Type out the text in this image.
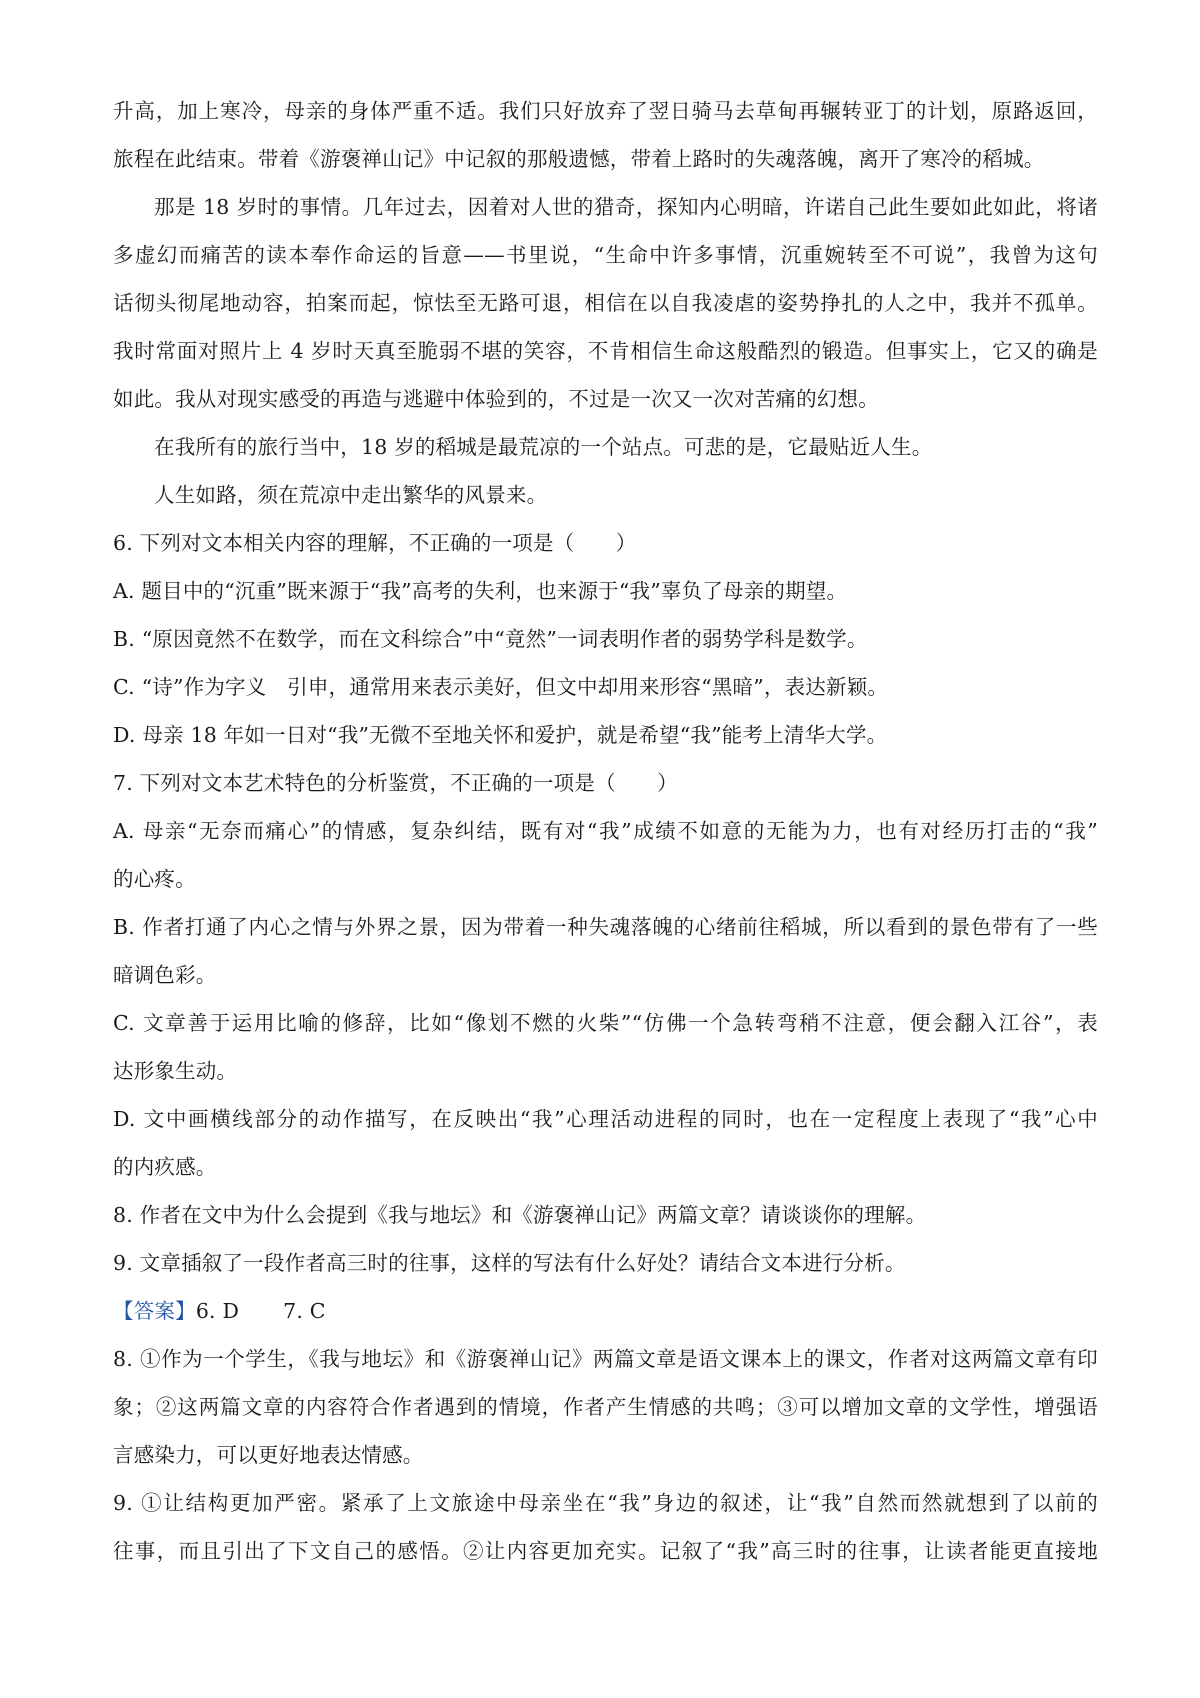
升高，加上寒冷，母亲的身体严重不适。我们只好放弃了翌日骑马去草甸再辗转亚丁的计划，原路返回，
旅程在此结束。带着《游褒禅山记》中记叙的那般遗憾，带着上路时的失魂落魄，离开了寒冷的稻城。
那是 18 岁时的事情。几年过去，因着对人世的猎奇，探知内心明暗，许诺自己此生要如此如此，将诸
多虚幻而痛苦的读本奉作命运的旨意——书里说，“生命中许多事情，沉重婉转至不可说”，我曾为这句
话彻头彻尾地动容，拍案而起，惊怯至无路可退，相信在以自我凌虐的姿势挣扎的人之中，我并不孤单。
我时常面对照片上 4 岁时天真至脆弱不堪的笑容，不肯相信生命这般酷烈的锻造。但事实上，它又的确是
如此。我从对现实感受的再造与逃避中体验到的，不过是一次又一次对苦痛的幻想。
在我所有的旅行当中，18 岁的稻城是最荒凉的一个站点。可悲的是，它最贴近人生。
人生如路，须在荒凉中走出繁华的风景来。
6. 下列对文本相关内容的理解，不正确的一项是（　　）
A. 题目中的“沉重”既来源于“我”高考的失利，也来源于“我”辜负了母亲的期望。
B. “原因竟然不在数学，而在文科综合”中“竟然”一词表明作者的弱势学科是数学。
C. “诗”作为字义　引申，通常用来表示美好，但文中却用来形容“黑暗”，表达新颖。
D. 母亲 18 年如一日对“我”无微不至地关怀和爱护，就是希望“我”能考上清华大学。
7. 下列对文本艺术特色的分析鉴赏，不正确的一项是（　　）
A. 母亲“无奈而痛心”的情感，复杂纠结，既有对“我”成绩不如意的无能为力，也有对经历打击的“我”
的心疼。
B. 作者打通了内心之情与外界之景，因为带着一种失魂落魄的心绪前往稻城，所以看到的景色带有了一些
暗调色彩。
C. 文章善于运用比喻的修辞，比如“像划不燃的火柴”“仿佛一个急转弯稍不注意，便会翻入江谷”，表
达形象生动。
D. 文中画横线部分的动作描写，在反映出“我”心理活动进程的同时，也在一定程度上表现了“我”心中
的内疚感。
8. 作者在文中为什么会提到《我与地坛》和《游褒禅山记》两篇文章？请谈谈你的理解。
9. 文章插叙了一段作者高三时的往事，这样的写法有什么好处？请结合文本进行分析。
【答案】6. D 7. C
8. ①作为一个学生，《我与地坛》和《游褒禅山记》两篇文章是语文课本上的课文，作者对这两篇文章有印
象；②这两篇文章的内容符合作者遇到的情境，作者产生情感的共鸣；③可以增加文章的文学性，增强语
言感染力，可以更好地表达情感。
9. ①让结构更加严密。紧承了上文旅途中母亲坐在“我”身边的叙述，让“我”自然而然就想到了以前的
往事，而且引出了下文自己的感悟。②让内容更加充实。记叙了“我”高三时的往事，让读者能更直接地
